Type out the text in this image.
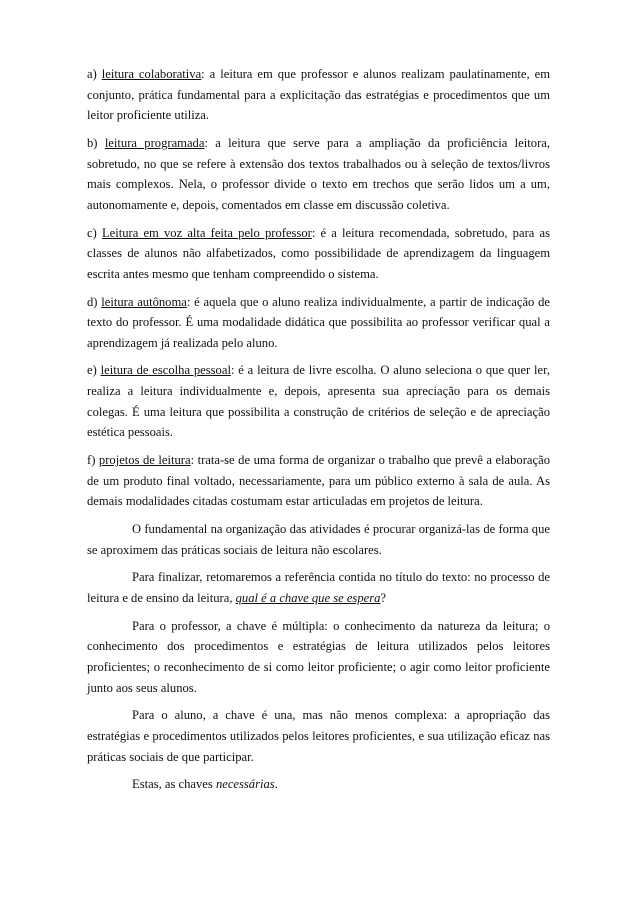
a) leitura colaborativa: a leitura em que professor e alunos realizam paulatinamente, em conjunto, prática fundamental para a explicitação das estratégias e procedimentos que um leitor proficiente utiliza.

b) leitura programada: a leitura que serve para a ampliação da proficiência leitora, sobretudo, no que se refere à extensão dos textos trabalhados ou à seleção de textos/livros mais complexos. Nela, o professor divide o texto em trechos que serão lidos um a um, autonomamente e, depois, comentados em classe em discussão coletiva.

c) Leitura em voz alta feita pelo professor: é a leitura recomendada, sobretudo, para as classes de alunos não alfabetizados, como possibilidade de aprendizagem da linguagem escrita antes mesmo que tenham compreendido o sistema.

d) leitura autônoma: é aquela que o aluno realiza individualmente, a partir de indicação de texto do professor. É uma modalidade didática que possibilita ao professor verificar qual a aprendizagem já realizada pelo aluno.

e) leitura de escolha pessoal: é a leitura de livre escolha. O aluno seleciona o que quer ler, realiza a leitura individualmente e, depois, apresenta sua apreciação para os demais colegas. É uma leitura que possibilita a construção de critérios de seleção e de apreciação estética pessoais.

f) projetos de leitura: trata-se de uma forma de organizar o trabalho que prevê a elaboração de um produto final voltado, necessariamente, para um público externo à sala de aula. As demais modalidades citadas costumam estar articuladas em projetos de leitura.

O fundamental na organização das atividades é procurar organizá-las de forma que se aproximem das práticas sociais de leitura não escolares.

Para finalizar, retomaremos a referência contida no título do texto: no processo de leitura e de ensino da leitura, qual é a chave que se espera?

Para o professor, a chave é múltipla: o conhecimento da natureza da leitura; o conhecimento dos procedimentos e estratégias de leitura utilizados pelos leitores proficientes; o reconhecimento de si como leitor proficiente; o agir como leitor proficiente junto aos seus alunos.

Para o aluno, a chave é una, mas não menos complexa: a apropriação das estratégias e procedimentos utilizados pelos leitores proficientes, e sua utilização eficaz nas práticas sociais de que participar.

Estas, as chaves necessárias.
